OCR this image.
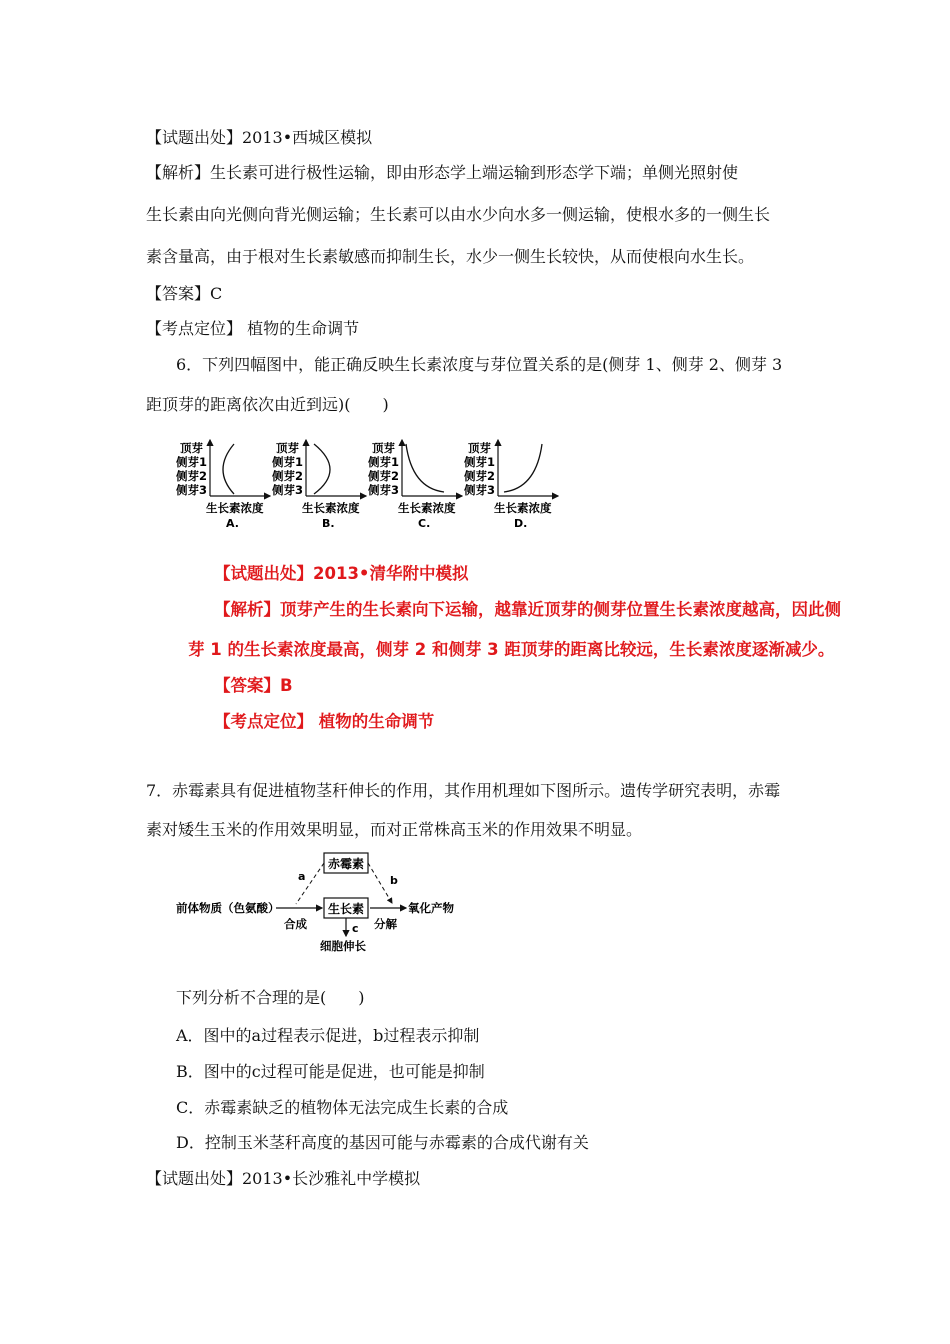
【试题出处】2013•西城区模拟
【解析】生长素可进行极性运输，即由形态学上端运输到形态学下端；单侧光照射使
生长素由向光侧向背光侧运输；生长素可以由水少向水多一侧运输，使根水多的一侧生长
素含量高，由于根对生长素敏感而抑制生长，水少一侧生长较快，从而使根向水生长。
【答案】C
【考点定位】 植物的生命调节
6．下列四幅图中，能正确反映生长素浓度与芽位置关系的是(侧芽 1、侧芽 2、侧芽 3
距顶芽的距离依次由近到远)(　　)
顶芽
侧芽1
侧芽2
侧芽3
生长素浓度
A.
顶芽
侧芽1
侧芽2
侧芽3
生长素浓度
B.
顶芽
侧芽1
侧芽2
侧芽3
生长素浓度
C.
顶芽
侧芽1
侧芽2
侧芽3
生长素浓度
D.
【试题出处】2013•清华附中模拟
【解析】顶芽产生的生长素向下运输，越靠近顶芽的侧芽位置生长素浓度越高，因此侧
芽 1 的生长素浓度最高，侧芽 2 和侧芽 3 距顶芽的距离比较远，生长素浓度逐渐减少。
【答案】B
【考点定位】 植物的生命调节
7．赤霉素具有促进植物茎秆伸长的作用，其作用机理如下图所示。遗传学研究表明，赤霉
素对矮生玉米的作用效果明显，而对正常株高玉米的作用效果不明显。
赤霉素
生长素
前体物质（色氨酸）
合成	分解
氧化产物
a	b
c
细胞伸长
下列分析不合理的是(　　)
A．图中的a过程表示促进，b过程表示抑制
B．图中的c过程可能是促进，也可能是抑制
C．赤霉素缺乏的植物体无法完成生长素的合成
D．控制玉米茎秆高度的基因可能与赤霉素的合成代谢有关
【试题出处】2013•长沙雅礼中学模拟
